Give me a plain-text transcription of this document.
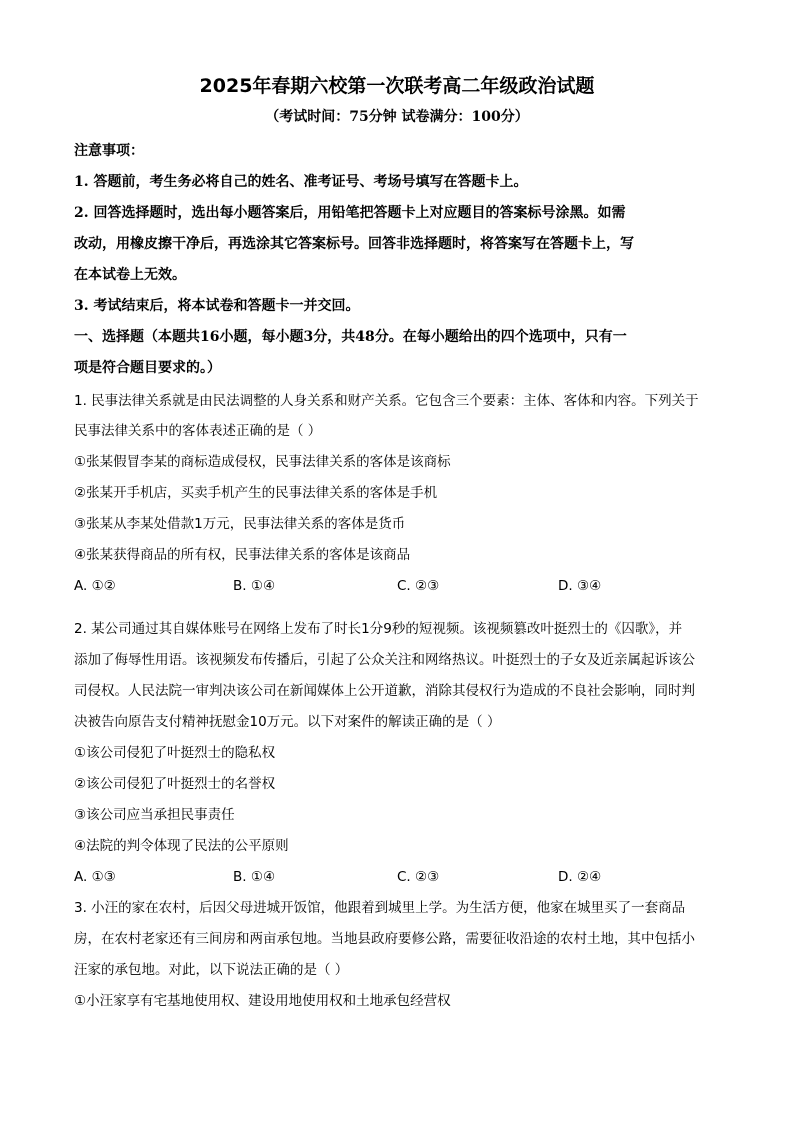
2025年春期六校第一次联考高二年级政治试题
（考试时间：75分钟 试卷满分：100分）
注意事项：
1. 答题前，考生务必将自己的姓名、准考证号、考场号填写在答题卡上。
2. 回答选择题时，选出每小题答案后，用铅笔把答题卡上对应题目的答案标号涂黑。如需
改动，用橡皮擦干净后，再选涂其它答案标号。回答非选择题时，将答案写在答题卡上，写
在本试卷上无效。
3. 考试结束后，将本试卷和答题卡一并交回。
一、选择题（本题共16小题，每小题3分，共48分。在每小题给出的四个选项中，只有一
项是符合题目要求的。）
1. 民事法律关系就是由民法调整的人身关系和财产关系。它包含三个要素：主体、客体和内容。下列关于
民事法律关系中的客体表述正确的是（ ）
①张某假冒李某的商标造成侵权，民事法律关系的客体是该商标
②张某开手机店，买卖手机产生的民事法律关系的客体是手机
③张某从李某处借款1万元，民事法律关系的客体是货币
④张某获得商品的所有权，民事法律关系的客体是该商品
A. ①②	B. ①④	C. ②③	D. ③④
2. 某公司通过其自媒体账号在网络上发布了时长1分9秒的短视频。该视频篡改叶挺烈士的《囚歌》，并
添加了侮辱性用语。该视频发布传播后，引起了公众关注和网络热议。叶挺烈士的子女及近亲属起诉该公
司侵权。人民法院一审判决该公司在新闻媒体上公开道歉，消除其侵权行为造成的不良社会影响，同时判
决被告向原告支付精神抚慰金10万元。以下对案件的解读正确的是（ ）
①该公司侵犯了叶挺烈士的隐私权
②该公司侵犯了叶挺烈士的名誉权
③该公司应当承担民事责任
④法院的判令体现了民法的公平原则
A. ①③	B. ①④	C. ②③	D. ②④
3. 小汪的家在农村，后因父母进城开饭馆，他跟着到城里上学。为生活方便，他家在城里买了一套商品
房，在农村老家还有三间房和两亩承包地。当地县政府要修公路，需要征收沿途的农村土地，其中包括小
汪家的承包地。对此，以下说法正确的是（ ）
①小汪家享有宅基地使用权、建设用地使用权和土地承包经营权
